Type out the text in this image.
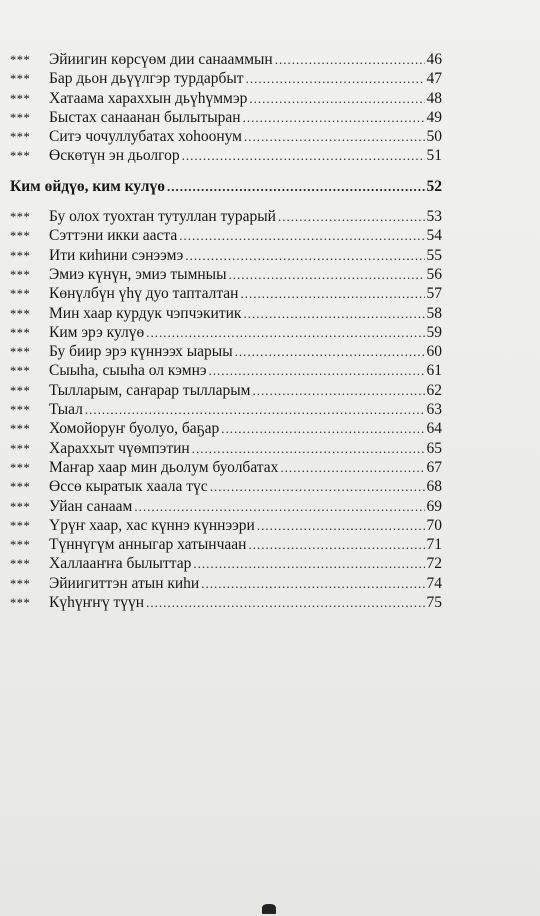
***	Эйиигин көрсүөм дии санааммын .....	46
***	Бар дьон дьүүлгэр турдарбыт .....	47
***	Хатаама хараххын дьүһүммэр .....	48
***	Быстах санаанан былытыран .....	49
***	Ситэ чочуллубатах хоһоонум .....	50
***	Өскөтүн эн дьолгор .....	51
Ким өйдүө, ким кулүө .....	52
***	Бу олох туохтан тутуллан турарый .....	53
***	Сэттэни икки ааста .....	54
***	Ити киһини сэнээмэ .....	55
***	Эмиэ күнүн, эмиэ тымныы .....	56
***	Көнүлбүн үһү дуо тапталтан .....	57
***	Мин хаар курдук чэпчэкитик .....	58
***	Ким эрэ кулүө .....	59
***	Бу биир эрэ күннээх ыарыы .....	60
***	Сыыһа, сыыһа ол кэмнэ .....	61
***	Тылларым, саҥарар тылларым .....	62
***	Тыал .....	63
***	Хомойоруҥ буолуо, баҕар .....	64
***	Хараххыт чүөмпэтин .....	65
***	Маҥар хаар мин дьолум буолбатах .....	67
***	Өссө кыратык хаала түс .....	68
***	Уйан санаам .....	69
***	Үрүҥ хаар, хас күннэ күннээри .....	70
***	Түннүгүм анныгар хатынчаан .....	71
***	Халлааҥҥа былыттар .....	72
***	Эйиигиттэн атын киһи .....	74
***	Күһүҥҥү түүн .....	75
